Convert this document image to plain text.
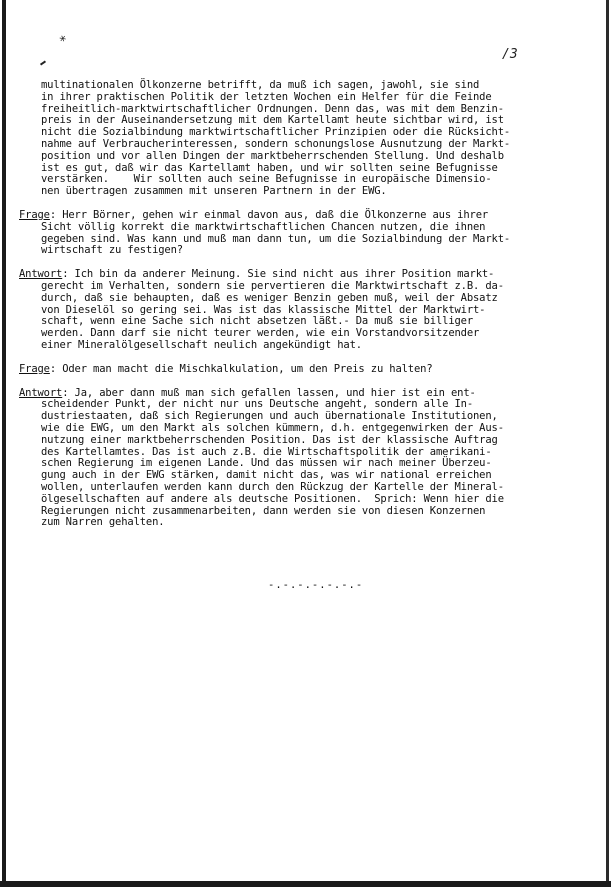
*
/3
multinationalen Ölkonzerne betrifft, da muß ich sagen, jawohl, sie sind
in ihrer praktischen Politik der letzten Wochen ein Helfer für die Feinde
freiheitlich-marktwirtschaftlicher Ordnungen. Denn das, was mit dem Benzin-
preis in der Auseinandersetzung mit dem Kartellamt heute sichtbar wird, ist
nicht die Sozialbindung marktwirtschaftlicher Prinzipien oder die Rücksicht-
nahme auf Verbraucherinteressen, sondern schonungslose Ausnutzung der Markt-
position und vor allen Dingen der marktbeherrschenden Stellung. Und deshalb
ist es gut, daß wir das Kartellamt haben, und wir sollten seine Befugnisse
verstärken.    Wir sollten auch seine Befugnisse in europäische Dimensio-
nen übertragen zusammen mit unseren Partnern in der EWG.
Frage: Herr Börner, gehen wir einmal davon aus, daß die Ölkonzerne aus ihrer
Sicht völlig korrekt die marktwirtschaftlichen Chancen nutzen, die ihnen
gegeben sind. Was kann und muß man dann tun, um die Sozialbindung der Markt-
wirtschaft zu festigen?
Antwort: Ich bin da anderer Meinung. Sie sind nicht aus ihrer Position markt-
gerecht im Verhalten, sondern sie pervertieren die Marktwirtschaft z.B. da-
durch, daß sie behaupten, daß es weniger Benzin geben muß, weil der Absatz
von Dieselöl so gering sei. Was ist das klassische Mittel der Marktwirt-
schaft, wenn eine Sache sich nicht absetzen läßt.- Da muß sie billiger
werden. Dann darf sie nicht teurer werden, wie ein Vorstandvorsitzender
einer Mineralölgesellschaft neulich angekündigt hat.
Frage: Oder man macht die Mischkalkulation, um den Preis zu halten?
Antwort: Ja, aber dann muß man sich gefallen lassen, und hier ist ein ent-
scheidender Punkt, der nicht nur uns Deutsche angeht, sondern alle In-
dustriestaaten, daß sich Regierungen und auch übernationale Institutionen,
wie die EWG, um den Markt als solchen kümmern, d.h. entgegenwirken der Aus-
nutzung einer marktbeherrschenden Position. Das ist der klassische Auftrag
des Kartellamtes. Das ist auch z.B. die Wirtschaftspolitik der amerikani-
schen Regierung im eigenen Lande. Und das müssen wir nach meiner Überzeu-
gung auch in der EWG stärken, damit nicht das, was wir national erreichen
wollen, unterlaufen werden kann durch den Rückzug der Kartelle der Mineral-
ölgesellschaften auf andere als deutsche Positionen.  Sprich: Wenn hier die
Regierungen nicht zusammenarbeiten, dann werden sie von diesen Konzernen
zum Narren gehalten.
-.-.-.-.-.-.-
